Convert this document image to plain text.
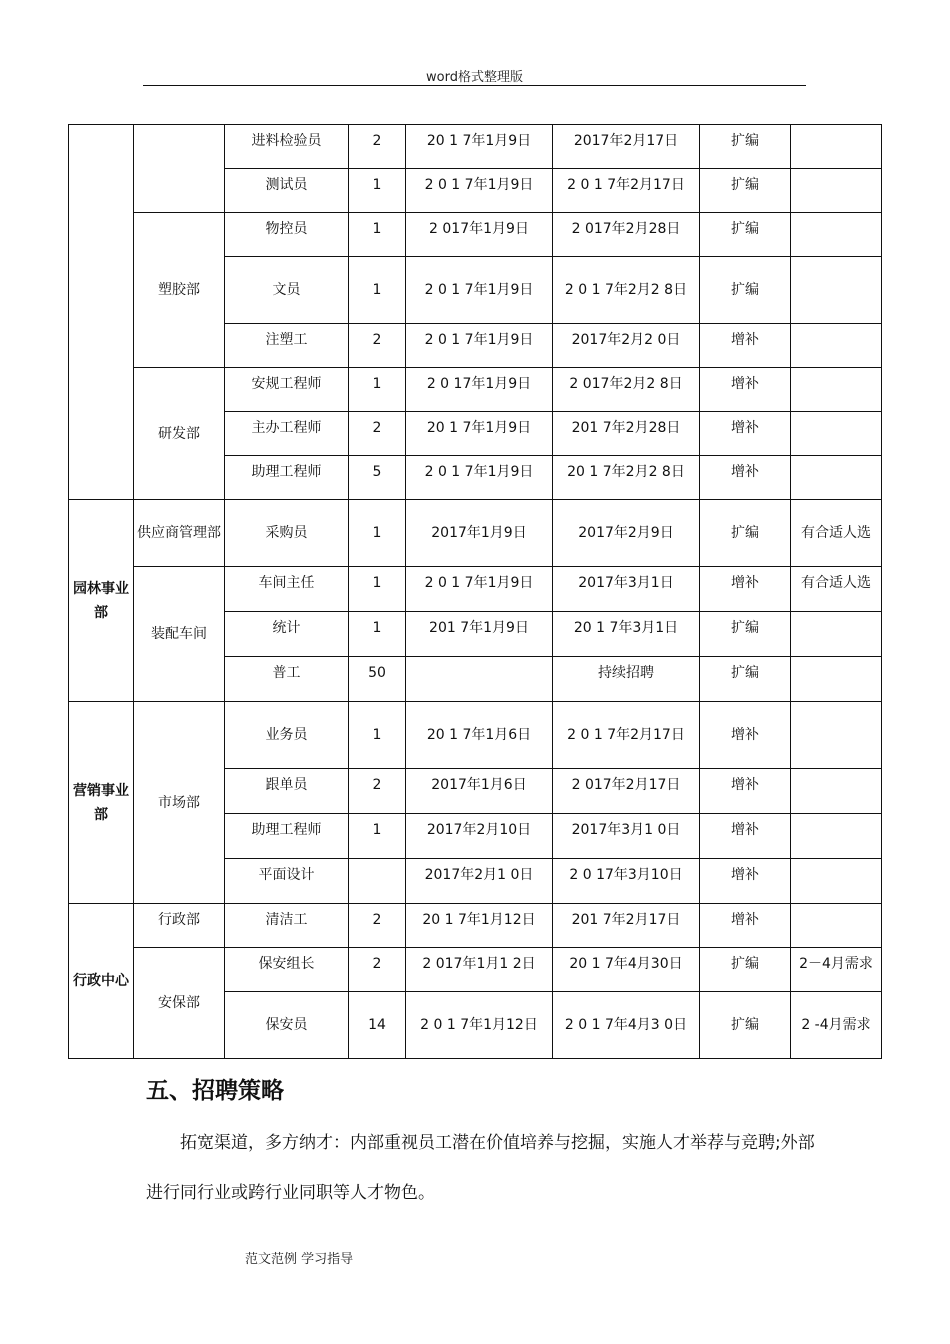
word格式整理版
		进料检验员	2	20 1 7年1月9日	2017年2月17日	扩编	
		测试员	1	2 0 1 7年1月9日	2 0 1 7年2月17日	扩编	
	塑胶部	物控员	1	2 017年1月9日	2 017年2月28日	扩编	
		文员	1	2 0 1 7年1月9日	2 0 1 7年2月2 8日	扩编	
		注塑工	2	2 0 1 7年1月9日	2017年2月2 0日	增补	
	研发部	安规工程师	1	2 0 17年1月9日	2 017年2月2 8日	增补	
		主办工程师	2	20 1 7年1月9日	201 7年2月28日	增补	
		助理工程师	5	2 0 1 7年1月9日	20 1 7年2月2 8日	增补	
园林事业部	供应商管理部	采购员	1	2017年1月9日	2017年2月9日	扩编	有合适人选
	装配车间	车间主任	1	2 0 1 7年1月9日	2017年3月1日	增补	有合适人选
		统计	1	201 7年1月9日	20 1 7年3月1日	扩编	
		普工	50		持续招聘	扩编	
营销事业部	市场部	业务员	1	20 1 7年1月6日	2 0 1 7年2月17日	增补	
		跟单员	2	2017年1月6日	2 017年2月17日	增补	
		助理工程师	1	2017年2月10日	2017年3月1 0日	增补	
		平面设计		2017年2月1 0日	2 0 17年3月10日	增补	
行政中心	行政部	清洁工	2	20 1 7年1月12日	201 7年2月17日	增补	
	安保部	保安组长	2	2 017年1月1 2日	20 1 7年4月30日	扩编	2－4月需求
		保安员	14	2 0 1 7年1月12日	2 0 1 7年4月3 0日	扩编	2 -4月需求
五、招聘策略

拓宽渠道，多方纳才：内部重视员工潜在价值培养与挖掘，实施人才举荐与竞聘;外部进行同行业或跨行业同职等人才物色。

范文范例 学习指导
